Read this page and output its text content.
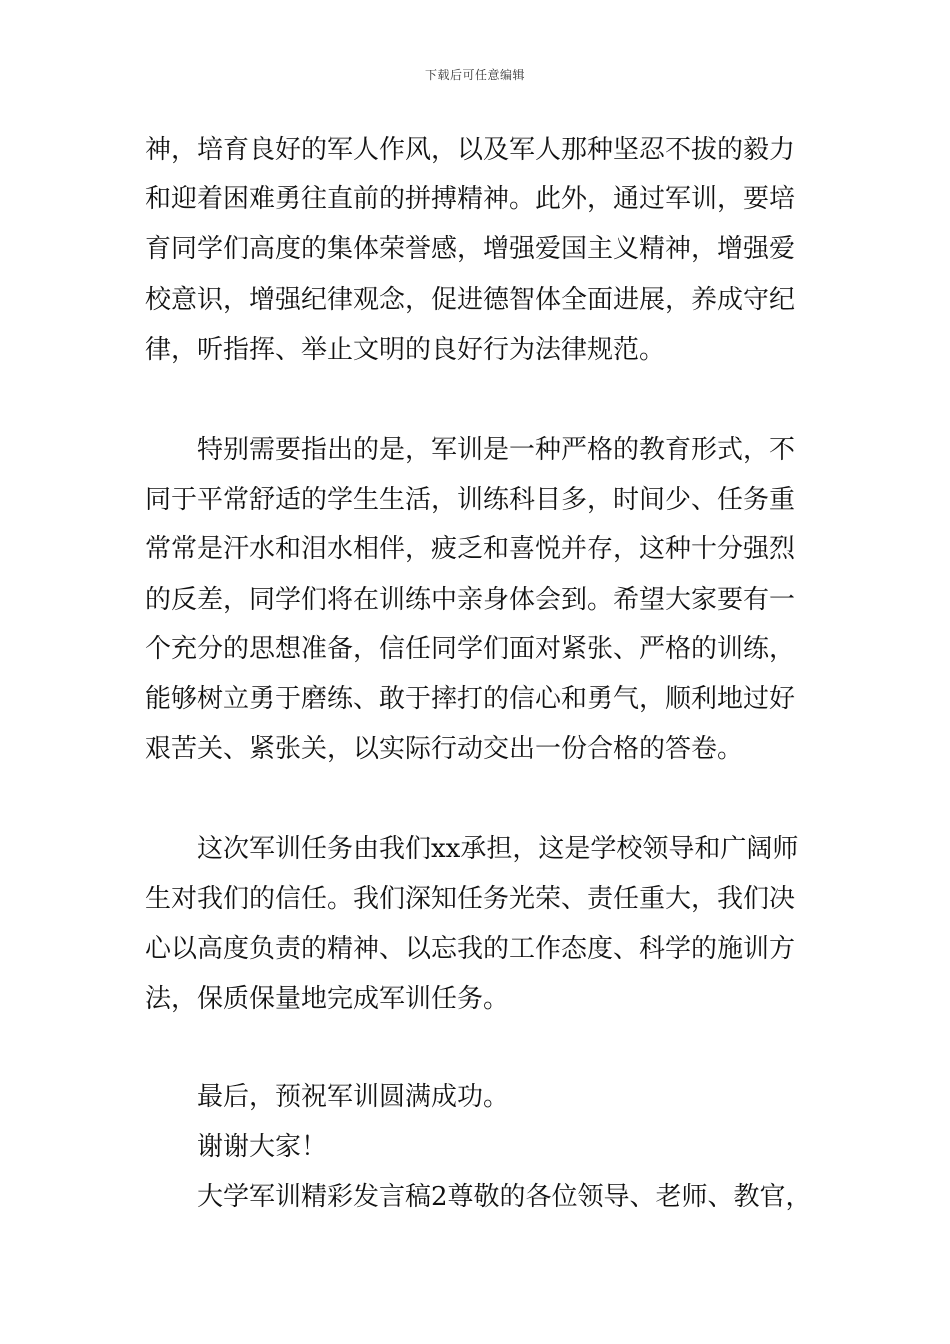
下载后可任意编辑
神，培育良好的军人作风，以及军人那种坚忍不拔的毅力
和迎着困难勇往直前的拼搏精神。此外，通过军训，要培
育同学们高度的集体荣誉感，增强爱国主义精神，增强爱
校意识，增强纪律观念，促进德智体全面进展，养成守纪
律，听指挥、举止文明的良好行为法律规范。
特别需要指出的是，军训是一种严格的教育形式，不
同于平常舒适的学生生活，训练科目多，时间少、任务重
常常是汗水和泪水相伴，疲乏和喜悦并存，这种十分强烈
的反差，同学们将在训练中亲身体会到。希望大家要有一
个充分的思想准备，信任同学们面对紧张、严格的训练，
能够树立勇于磨练、敢于摔打的信心和勇气，顺利地过好
艰苦关、紧张关，以实际行动交出一份合格的答卷。
这次军训任务由我们xx承担，这是学校领导和广阔师
生对我们的信任。我们深知任务光荣、责任重大，我们决
心以高度负责的精神、以忘我的工作态度、科学的施训方
法，保质保量地完成军训任务。
最后，预祝军训圆满成功。
谢谢大家！
大学军训精彩发言稿2尊敬的各位领导、老师、教官，
